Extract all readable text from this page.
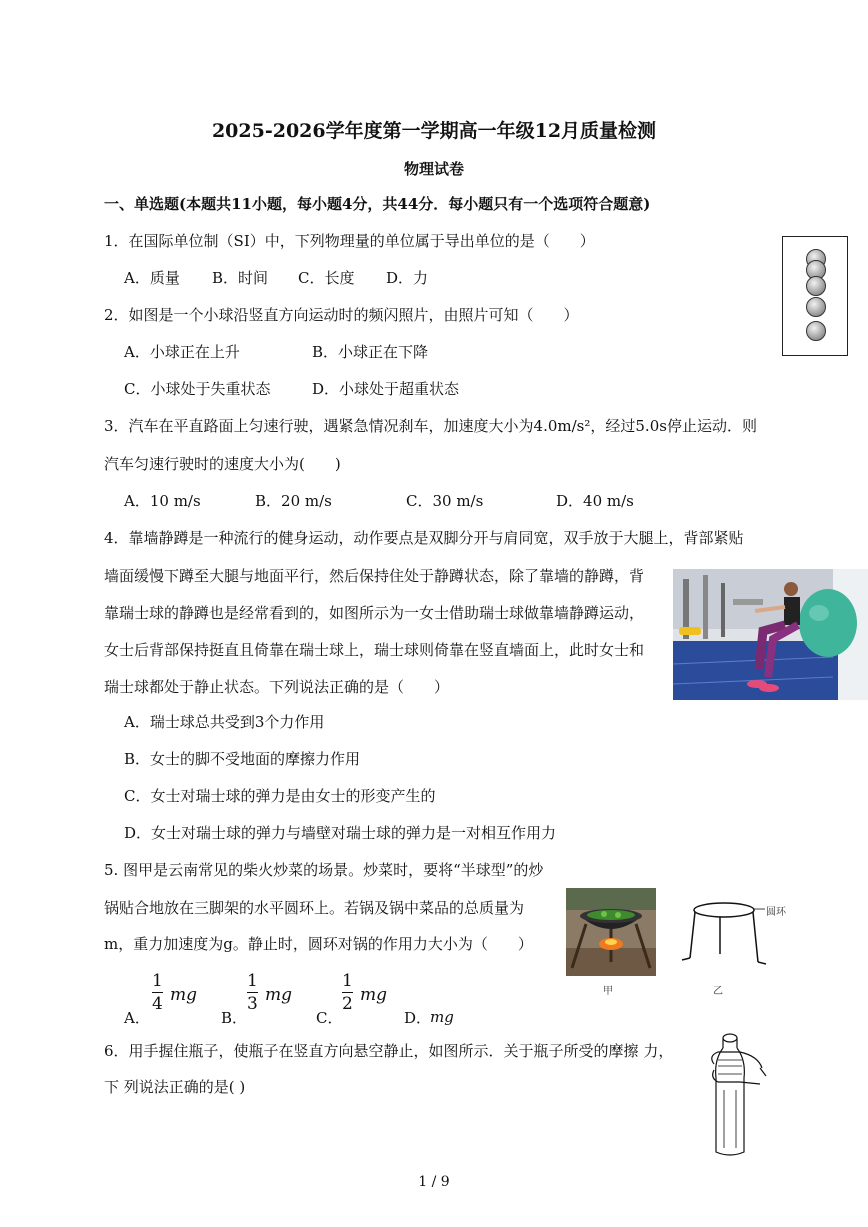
2025-2026学年度第一学期高一年级12月质量检测
物理试卷
一、单选题(本题共11小题，每小题4分，共44分．每小题只有一个选项符合题意)
1．在国际单位制（SI）中，下列物理量的单位属于导出单位的是（　　）
A．质量 B．时间 C．长度 D．力
2．如图是一个小球沿竖直方向运动时的频闪照片，由照片可知（　　）
A．小球正在上升	B．小球正在下降
C．小球处于失重状态	D．小球处于超重状态
3．汽车在平直路面上匀速行驶，遇紧急情况刹车，加速度大小为4.0m/s²，经过5.0s停止运动．则
汽车匀速行驶时的速度大小为(　　)
A．10 m/s	B．20 m/s	C．30 m/s	D．40 m/s
4．靠墙静蹲是一种流行的健身运动，动作要点是双脚分开与肩同宽，双手放于大腿上，背部紧贴
墙面缓慢下蹲至大腿与地面平行，然后保持住处于静蹲状态，除了靠墙的静蹲，背
靠瑞士球的静蹲也是经常看到的，如图所示为一女士借助瑞士球做靠墙静蹲运动，
女士后背部保持挺直且倚靠在瑞士球上，瑞士球则倚靠在竖直墙面上，此时女士和
瑞士球都处于静止状态。下列说法正确的是（　　）
A．瑞士球总共受到3个力作用
B．女士的脚不受地面的摩擦力作用
C．女士对瑞士球的弹力是由女士的形变产生的
D．女士对瑞士球的弹力与墙壁对瑞士球的弹力是一对相互作用力
5. 图甲是云南常见的柴火炒菜的场景。炒菜时，要将“半球型”的炒
锅贴合地放在三脚架的水平圆环上。若锅及锅中菜品的总质量为
m，重力加速度为g。静止时，圆环对锅的作用力大小为（　　）
甲
圆环
乙
A．
1
4 mg
B．
1
3 mg
C．
1
2 mg
D．
mg
6．用手握住瓶子，使瓶子在竖直方向悬空静止，如图所示．关于瓶子所受的摩擦 力，
下 列说法正确的是( )
1 / 9
